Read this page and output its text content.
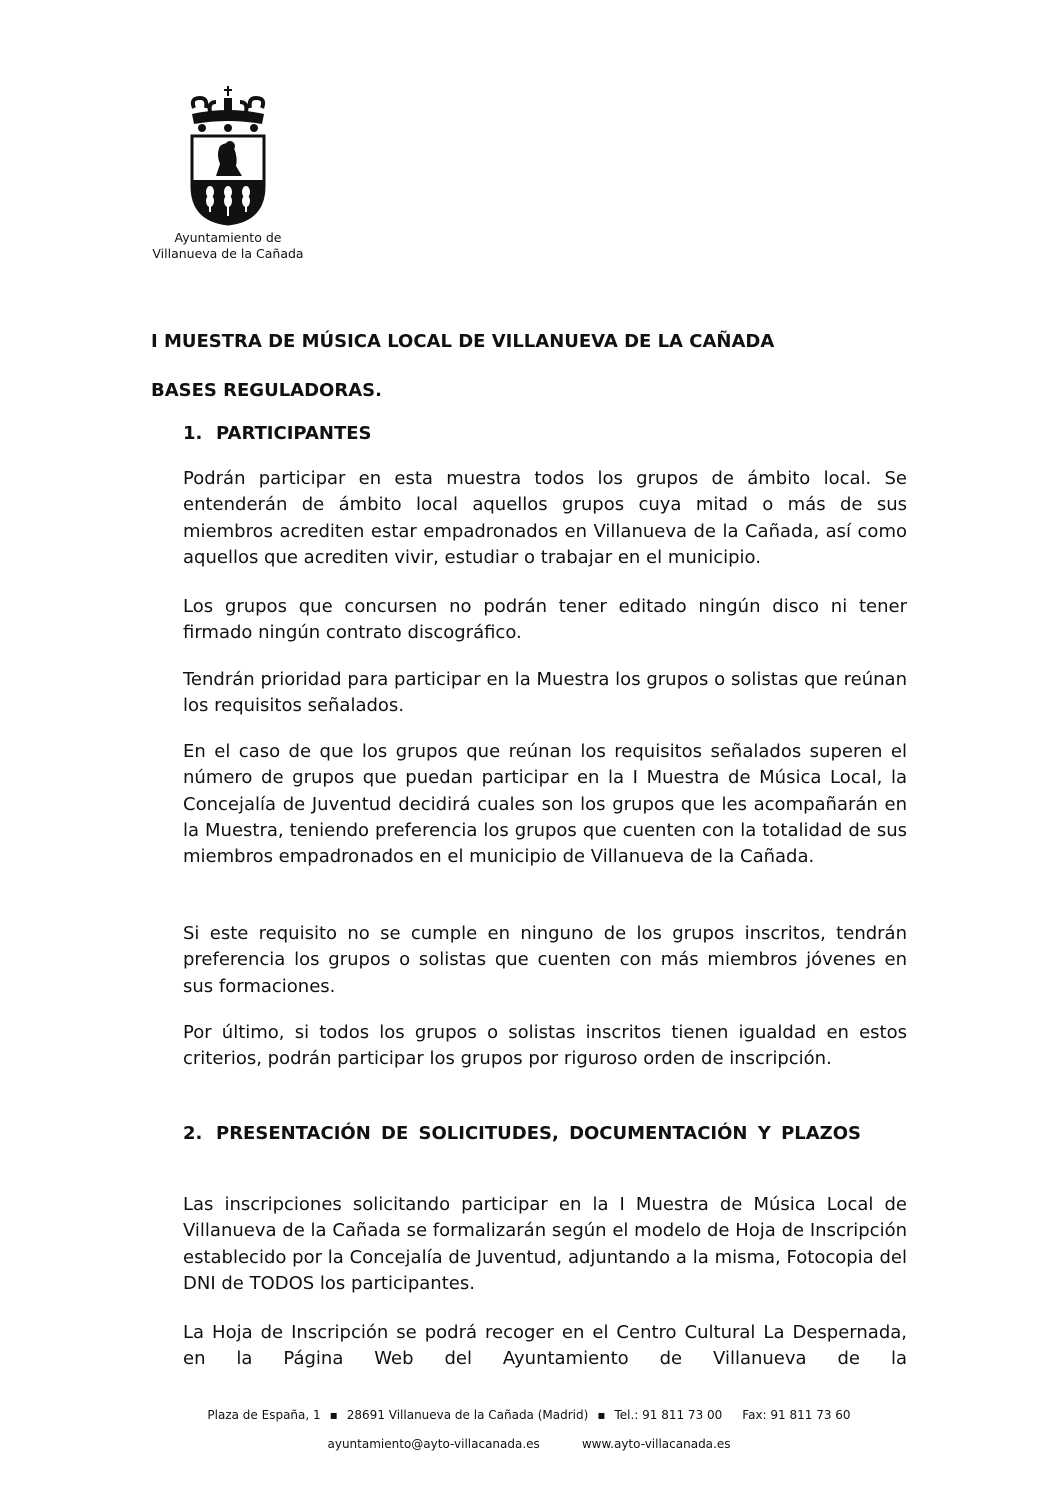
Ayuntamiento de
Villanueva de la Cañada
I MUESTRA DE MÚSICA LOCAL DE VILLANUEVA DE LA CAÑADA
BASES REGULADORAS.
1. PARTICIPANTES

Podrán participar en esta muestra todos los grupos de ámbito local. Se entenderán de ámbito local aquellos grupos cuya mitad o más de sus miembros acrediten estar empadronados en Villanueva de la Cañada, así como aquellos que acrediten vivir, estudiar o trabajar en el municipio.

Los grupos que concursen no podrán tener editado ningún disco ni tener firmado ningún contrato discográfico.

Tendrán prioridad para participar en la Muestra los grupos o solistas que reúnan los requisitos señalados.

En el caso de que los grupos que reúnan los requisitos señalados superen el número de grupos que puedan participar en la I Muestra de Música Local, la Concejalía de Juventud decidirá cuales son los grupos que les acompañarán en la Muestra, teniendo preferencia los grupos que cuenten con la totalidad de sus miembros empadronados en el municipio de Villanueva de la Cañada.

Si este requisito no se cumple en ninguno de los grupos inscritos, tendrán preferencia los grupos o solistas que cuenten con más miembros jóvenes en sus formaciones.

Por último, si todos los grupos o solistas inscritos tienen igualdad en estos criterios, podrán participar los grupos por riguroso orden de inscripción.

2. PRESENTACIÓN DE SOLICITUDES, DOCUMENTACIÓN Y PLAZOS

Las inscripciones solicitando participar en la I Muestra de Música Local de Villanueva de la Cañada se formalizarán según el modelo de Hoja de Inscripción establecido por la Concejalía de Juventud, adjuntando a la misma, Fotocopia del DNI de TODOS los participantes.

La Hoja de Inscripción se podrá recoger en el Centro Cultural La Despernada, en la Página Web del Ayuntamiento de Villanueva de la

Plaza de España, 1 ▪ 28691 Villanueva de la Cañada (Madrid) ▪ Tel.: 91 811 73 00 Fax: 91 811 73 60
ayuntamiento@ayto-villacanada.es	www.ayto-villacanada.es
